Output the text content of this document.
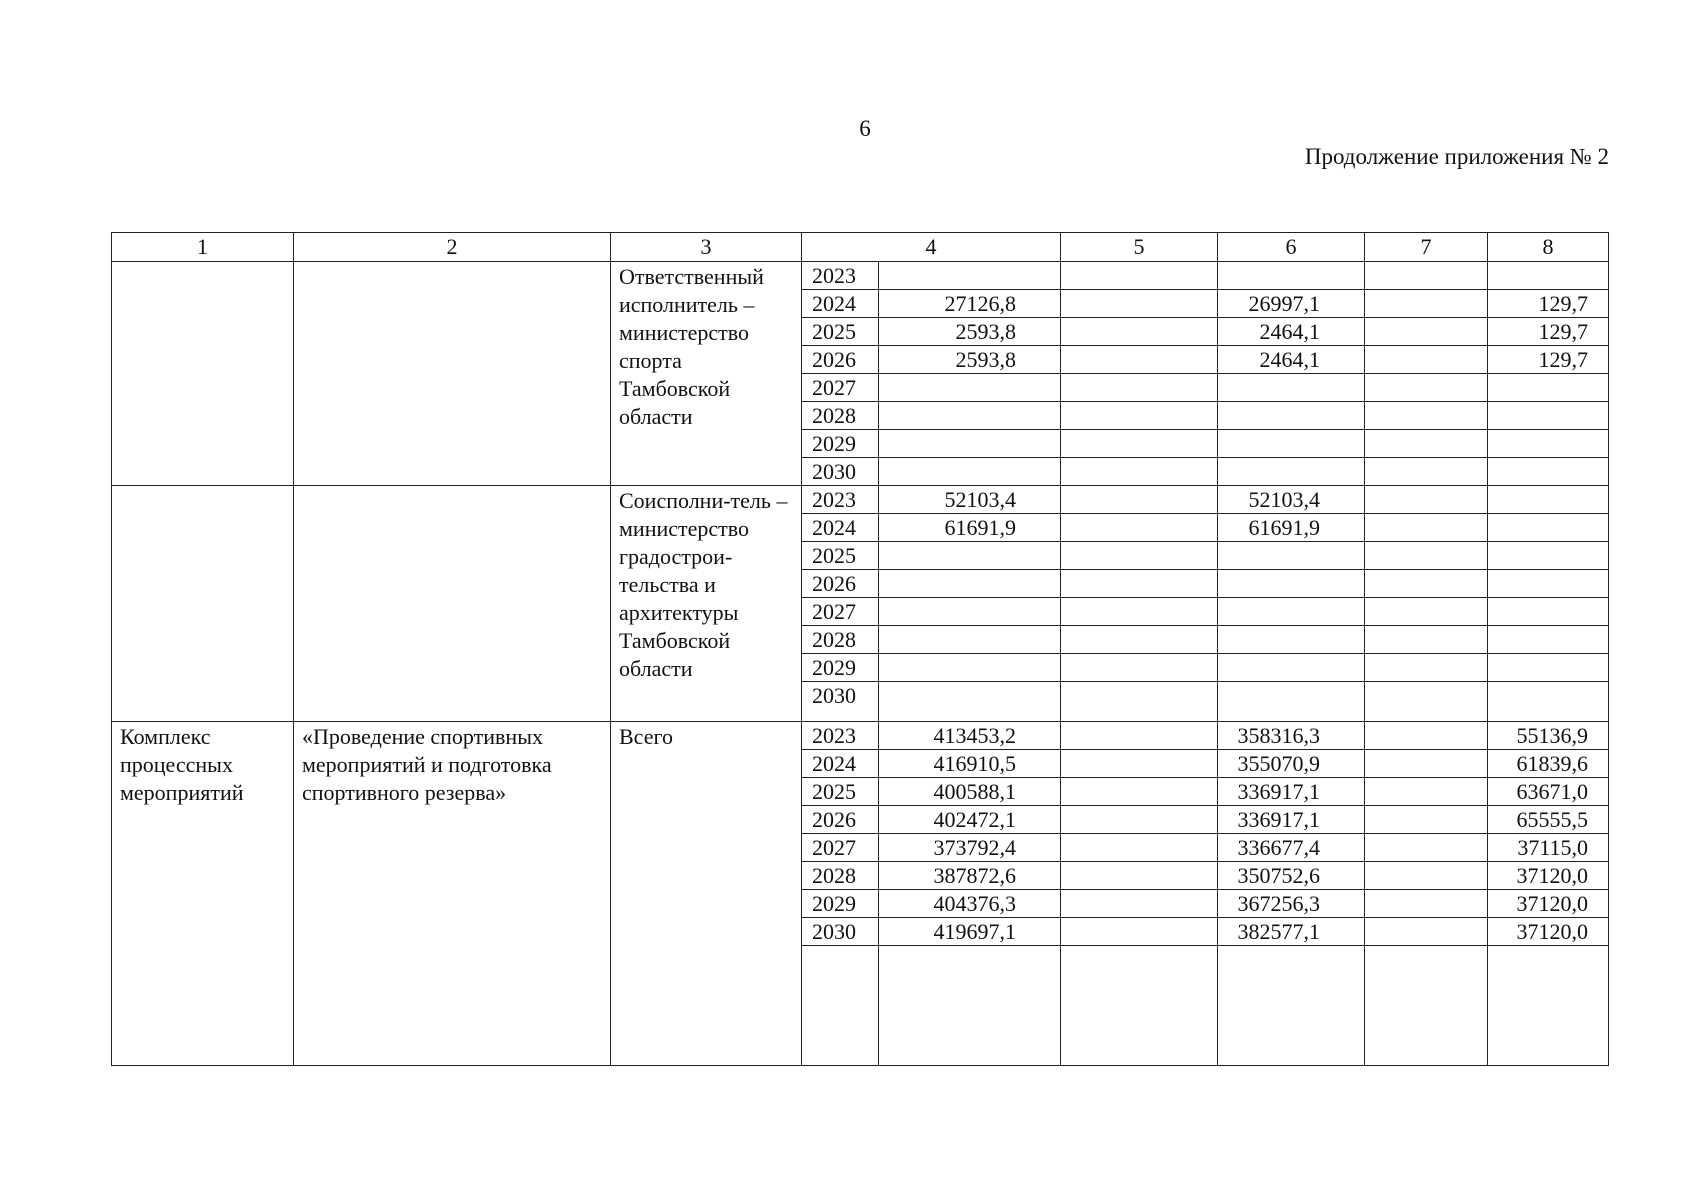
6
Продолжение приложения № 2
1	2	3	4		5	6	7	8
		Ответственный исполнитель – министерство спорта Тамбовской области	2023					
			2024	27126,8		26997,1		129,7
			2025	2593,8		2464,1		129,7
			2026	2593,8		2464,1		129,7
			2027					
			2028					
			2029					
			2030					
		Соисполни-тель – министерство градострои-тельства и архитектуры Тамбовской области	2023	52103,4		52103,4		
			2024	61691,9		61691,9		
			2025					
			2026					
			2027					
			2028					
			2029					
			2030					
Комплекс процессных мероприятий	«Проведение спортивных мероприятий и подготовка спортивного резерва»	Всего	2023	413453,2		358316,3		55136,9
			2024	416910,5		355070,9		61839,6
			2025	400588,1		336917,1		63671,0
			2026	402472,1		336917,1		65555,5
			2027	373792,4		336677,4		37115,0
			2028	387872,6		350752,6		37120,0
			2029	404376,3		367256,3		37120,0
			2030	419697,1		382577,1		37120,0
